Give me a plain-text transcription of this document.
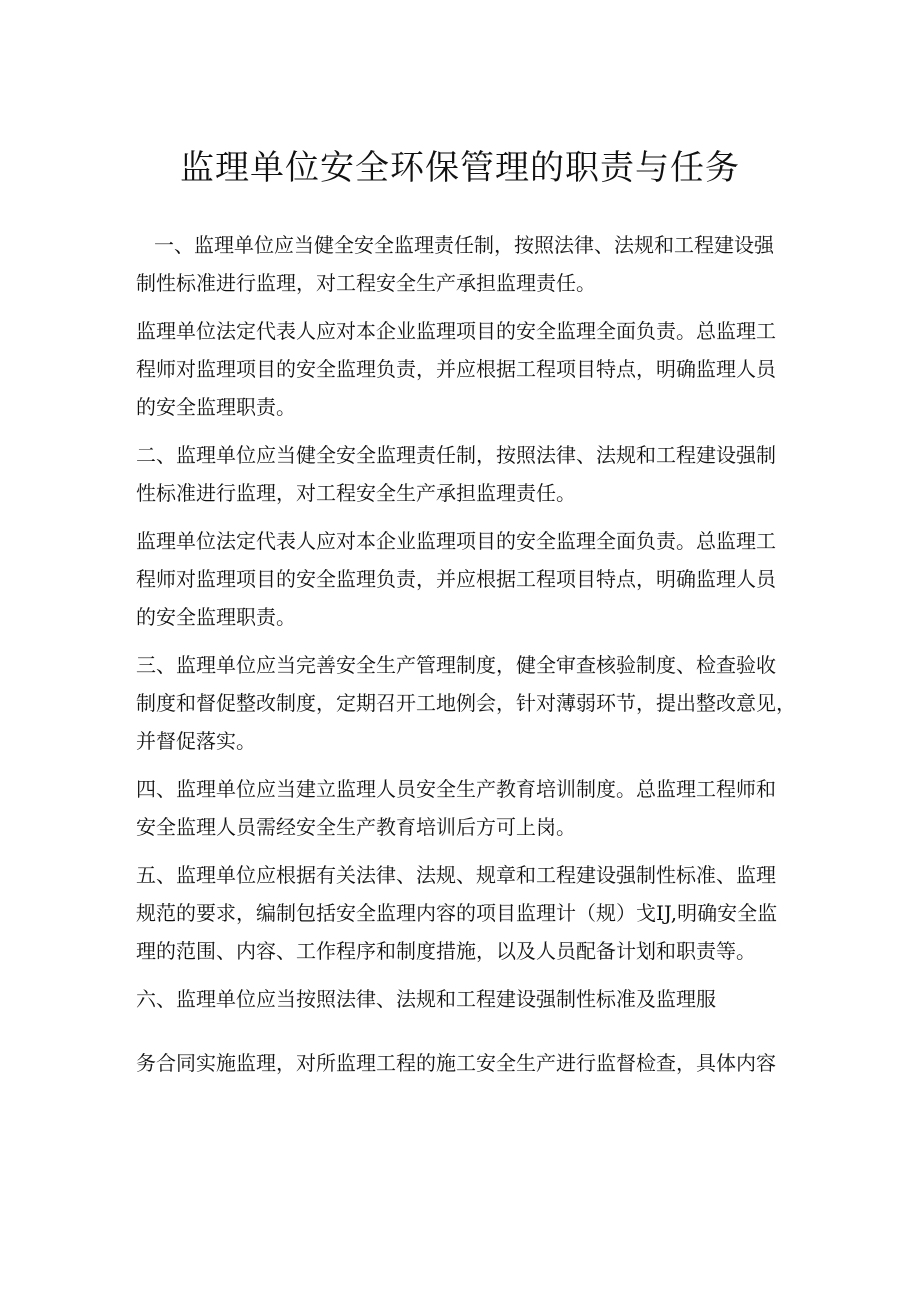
监理单位安全环保管理的职责与任务

一、监理单位应当健全安全监理责任制，按照法律、法规和工程建设强
制性标准进行监理，对工程安全生产承担监理责任。

监理单位法定代表人应对本企业监理项目的安全监理全面负责。总监理工
程师对监理项目的安全监理负责，并应根据工程项目特点，明确监理人员
的安全监理职责。

二、监理单位应当健全安全监理责任制，按照法律、法规和工程建设强制
性标准进行监理，对工程安全生产承担监理责任。

监理单位法定代表人应对本企业监理项目的安全监理全面负责。总监理工
程师对监理项目的安全监理负责，并应根据工程项目特点，明确监理人员
的安全监理职责。

三、监理单位应当完善安全生产管理制度，健全审查核验制度、检查验收
制度和督促整改制度，定期召开工地例会，针对薄弱环节，提出整改意见，
并督促落实。

四、监理单位应当建立监理人员安全生产教育培训制度。总监理工程师和
安全监理人员需经安全生产教育培训后方可上岗。

五、监理单位应根据有关法律、法规、规章和工程建设强制性标准、监理
规范的要求，编制包括安全监理内容的项目监理计（规）戈IJ,明确安全监
理的范围、内容、工作程序和制度措施，以及人员配备计划和职责等。

六、监理单位应当按照法律、法规和工程建设强制性标准及监理服

务合同实施监理，对所监理工程的施工安全生产进行监督检查，具体内容
